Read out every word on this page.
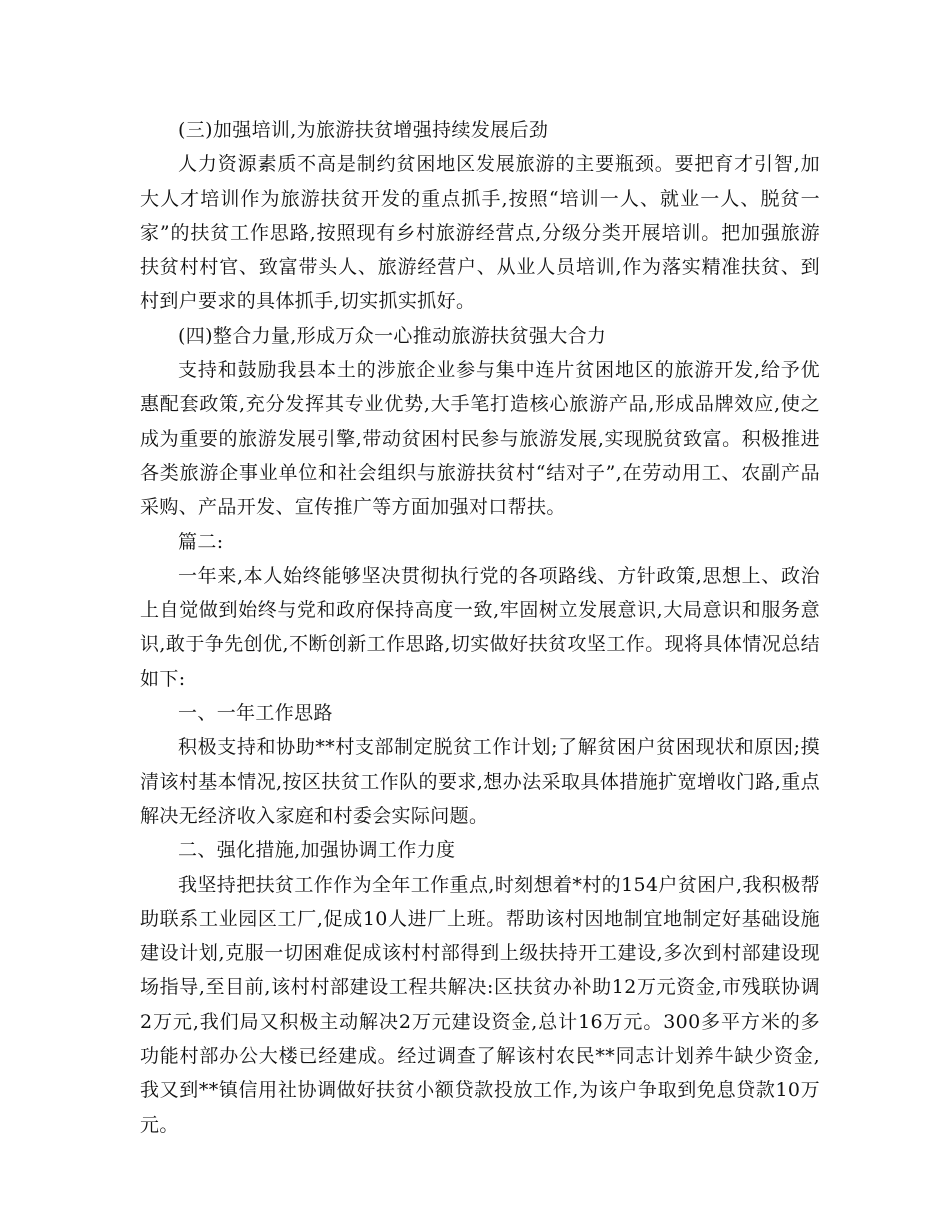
(三)加强培训,为旅游扶贫增强持续发展后劲

人力资源素质不高是制约贫困地区发展旅游的主要瓶颈。要把育才引智,加大人才培训作为旅游扶贫开发的重点抓手,按照“培训一人、就业一人、脱贫一家”的扶贫工作思路,按照现有乡村旅游经营点,分级分类开展培训。把加强旅游扶贫村村官、致富带头人、旅游经营户、从业人员培训,作为落实精准扶贫、到村到户要求的具体抓手,切实抓实抓好。

(四)整合力量,形成万众一心推动旅游扶贫强大合力

支持和鼓励我县本土的涉旅企业参与集中连片贫困地区的旅游开发,给予优惠配套政策,充分发挥其专业优势,大手笔打造核心旅游产品,形成品牌效应,使之成为重要的旅游发展引擎,带动贫困村民参与旅游发展,实现脱贫致富。积极推进各类旅游企事业单位和社会组织与旅游扶贫村“结对子”,在劳动用工、农副产品采购、产品开发、宣传推广等方面加强对口帮扶。

篇二:

一年来,本人始终能够坚决贯彻执行党的各项路线、方针政策,思想上、政治上自觉做到始终与党和政府保持高度一致,牢固树立发展意识,大局意识和服务意识,敢于争先创优,不断创新工作思路,切实做好扶贫攻坚工作。现将具体情况总结如下:

一、一年工作思路

积极支持和协助**村支部制定脱贫工作计划;了解贫困户贫困现状和原因;摸清该村基本情况,按区扶贫工作队的要求,想办法采取具体措施扩宽增收门路,重点解决无经济收入家庭和村委会实际问题。

二、强化措施,加强协调工作力度

我坚持把扶贫工作作为全年工作重点,时刻想着*村的154户贫困户,我积极帮助联系工业园区工厂,促成10人进厂上班。帮助该村因地制宜地制定好基础设施建设计划,克服一切困难促成该村村部得到上级扶持开工建设,多次到村部建设现场指导,至目前,该村村部建设工程共解决:区扶贫办补助12万元资金,市残联协调2万元,我们局又积极主动解决2万元建设资金,总计16万元。300多平方米的多功能村部办公大楼已经建成。经过调查了解该村农民**同志计划养牛缺少资金,我又到**镇信用社协调做好扶贫小额贷款投放工作,为该户争取到免息贷款10万元。
